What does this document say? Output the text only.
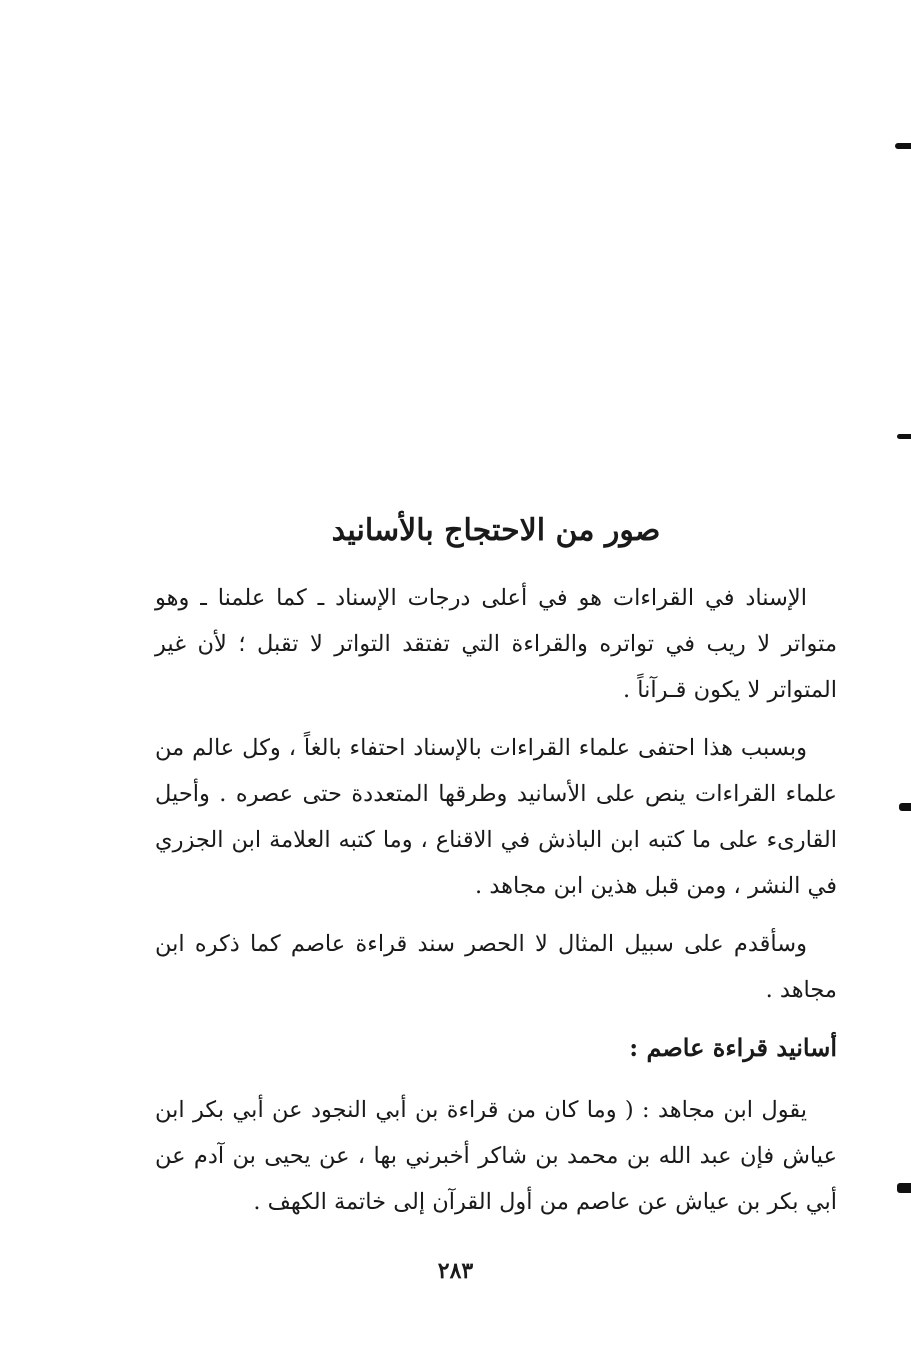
صور من الاحتجاج بالأسانيد

الإسناد في القراءات هو في أعلى درجات الإسناد ـ كما علمنا ـ وهو متواتر لا ريب في تواتره والقراءة التي تفتقد التواتر لا تقبل ؛ لأن غير المتواتر لا يكون قـرآناً .

وبسبب هذا احتفى علماء القراءات بالإسناد احتفاء بالغاً ، وكل عالم من علماء القراءات ينص على الأسانيد وطرقها المتعددة حتى عصره . وأحيل القارىء على ما كتبه ابن الباذش في الاقناع ، وما كتبه العلامة ابن الجزري في النشر ، ومن قبل هذين ابن مجاهد .

وسأقدم على سبيل المثال لا الحصر سند قراءة عاصم كما ذكره ابن مجاهد .

أسانيد قراءة عاصم :

يقول ابن مجاهد : ( وما كان من قراءة بن أبي النجود عن أبي بكر ابن عياش فإن عبد الله بن محمد بن شاكر أخبرني بها ، عن يحيى بن آدم عن أبي بكر بن عياش عن عاصم من أول القرآن إلى خاتمة الكهف .

٢٨٣
